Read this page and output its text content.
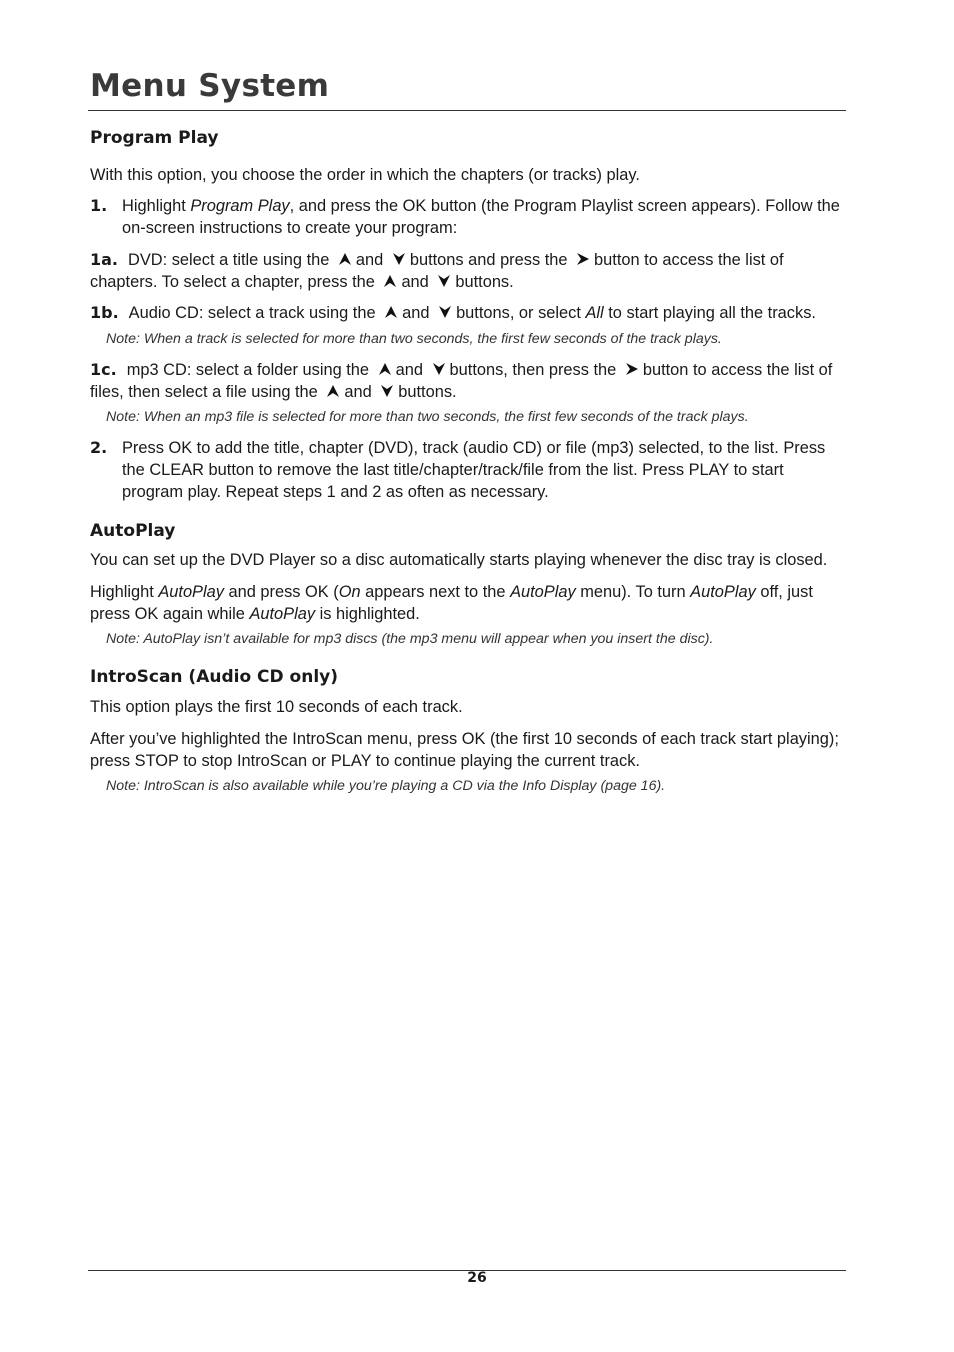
Menu System

Program Play

With this option, you choose the order in which the chapters (or tracks) play.

1. Highlight Program Play, and press the OK button (the Program Playlist screen appears). Follow the on-screen instructions to create your program:

1a. DVD: select a title using the and buttons and press the button to access the list of chapters. To select a chapter, press the and buttons.

1b. Audio CD: select a track using the and buttons, or select All to start playing all the tracks.

Note: When a track is selected for more than two seconds, the first few seconds of the track plays.

1c. mp3 CD: select a folder using the and buttons, then press the button to access the list of files, then select a file using the and buttons.

Note: When an mp3 file is selected for more than two seconds, the first few seconds of the track plays.

2. Press OK to add the title, chapter (DVD), track (audio CD) or file (mp3) selected, to the list. Press the CLEAR button to remove the last title/chapter/track/file from the list. Press PLAY to start program play. Repeat steps 1 and 2 as often as necessary.

AutoPlay

You can set up the DVD Player so a disc automatically starts playing whenever the disc tray is closed.

Highlight AutoPlay and press OK (On appears next to the AutoPlay menu). To turn AutoPlay off, just press OK again while AutoPlay is highlighted.

Note: AutoPlay isn’t available for mp3 discs (the mp3 menu will appear when you insert the disc).

IntroScan (Audio CD only)

This option plays the first 10 seconds of each track.

After you’ve highlighted the IntroScan menu, press OK (the first 10 seconds of each track start playing); press STOP to stop IntroScan or PLAY to continue playing the current track.

Note: IntroScan is also available while you’re playing a CD via the Info Display (page 16).

26
